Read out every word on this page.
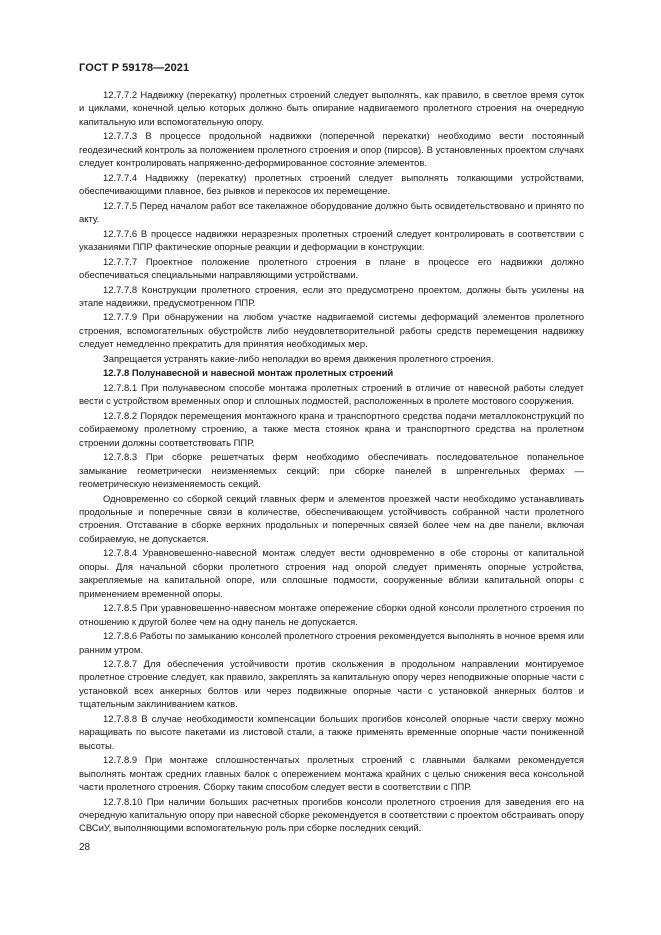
ГОСТ Р 59178—2021

12.7.7.2 Надвижку (перекатку) пролетных строений следует выполнять, как правило, в светлое время суток и циклами, конечной целью которых должно быть опирание надвигаемого пролетного строения на очередную капитальную или вспомогательную опору.

12.7.7.3 В процессе продольной надвижки (поперечной перекатки) необходимо вести постоянный геодезический контроль за положением пролетного строения и опор (пирсов). В установленных проектом случаях следует контролировать напряженно-деформированное состояние элементов.

12.7.7.4 Надвижку (перекатку) пролетных строений следует выполнять толкающими устройствами, обеспечивающими плавное, без рывков и перекосов их перемещение.

12.7.7.5 Перед началом работ все такелажное оборудование должно быть освидетельствовано и принято по акту.

12.7.7.6 В процессе надвижки неразрезных пролетных строений следует контролировать в соответствии с указаниями ППР фактические опорные реакции и деформации в конструкции.

12.7.7.7 Проектное положение пролетного строения в плане в процессе его надвижки должно обеспечиваться специальными направляющими устройствами.

12.7.7.8 Конструкции пролетного строения, если это предусмотрено проектом, должны быть усилены на этапе надвижки, предусмотренном ППР.

12.7.7.9 При обнаружении на любом участке надвигаемой системы деформаций элементов пролетного строения, вспомогательных обустройств либо неудовлетворительной работы средств перемещения надвижку следует немедленно прекратить для принятия необходимых мер.

Запрещается устранять какие-либо неполадки во время движения пролетного строения.

12.7.8 Полунавесной и навесной монтаж пролетных строений

12.7.8.1 При полунавесном способе монтажа пролетных строений в отличие от навесной работы следует вести с устройством временных опор и сплошных подмостей, расположенных в пролете мостового сооружения.

12.7.8.2 Порядок перемещения монтажного крана и транспортного средства подачи металлоконструкций по собираемому пролетному строению, а также места стоянок крана и транспортного средства на пролетном строении должны соответствовать ППР.

12.7.8.3 При сборке решетчатых ферм необходимо обеспечивать последовательное попанельное замыкание геометрически неизменяемых секций; при сборке панелей в шпренгельных фермах — геометрическую неизменяемость секций.

Одновременно со сборкой секций главных ферм и элементов проезжей части необходимо устанавливать продольные и поперечные связи в количестве, обеспечивающем устойчивость собранной части пролетного строения. Отставание в сборке верхних продольных и поперечных связей более чем на две панели, включая собираемую, не допускается.

12.7.8.4 Уравновешенно-навесной монтаж следует вести одновременно в обе стороны от капитальной опоры. Для начальной сборки пролетного строения над опорой следует применять опорные устройства, закрепляемые на капитальной опоре, или сплошные подмости, сооруженные вблизи капитальной опоры с применением временной опоры.

12.7.8.5 При уравновешенно-навесном монтаже опережение сборки одной консоли пролетного строения по отношению к другой более чем на одну панель не допускается.

12.7.8.6 Работы по замыканию консолей пролетного строения рекомендуется выполнять в ночное время или ранним утром.

12.7.8.7 Для обеспечения устойчивости против скольжения в продольном направлении монтируемое пролетное строение следует, как правило, закреплять за капитальную опору через неподвижные опорные части с установкой всех анкерных болтов или через подвижные опорные части с установкой анкерных болтов и тщательным заклиниванием катков.

12.7.8.8 В случае необходимости компенсации больших прогибов консолей опорные части сверху можно наращивать по высоте пакетами из листовой стали, а также применять временные опорные части пониженной высоты.

12.7.8.9 При монтаже сплошностенчатых пролетных строений с главными балками рекомендуется выполнять монтаж средних главных балок с опережением монтажа крайних с целью снижения веса консольной части пролетного строения. Сборку таким способом следует вести в соответствии с ППР.

12.7.8.10 При наличии больших расчетных прогибов консоли пролетного строения для заведения его на очередную капитальную опору при навесной сборке рекомендуется в соответствии с проектом обстраивать опору СВСиУ, выполняющими вспомогательную роль при сборке последних секций.

28
